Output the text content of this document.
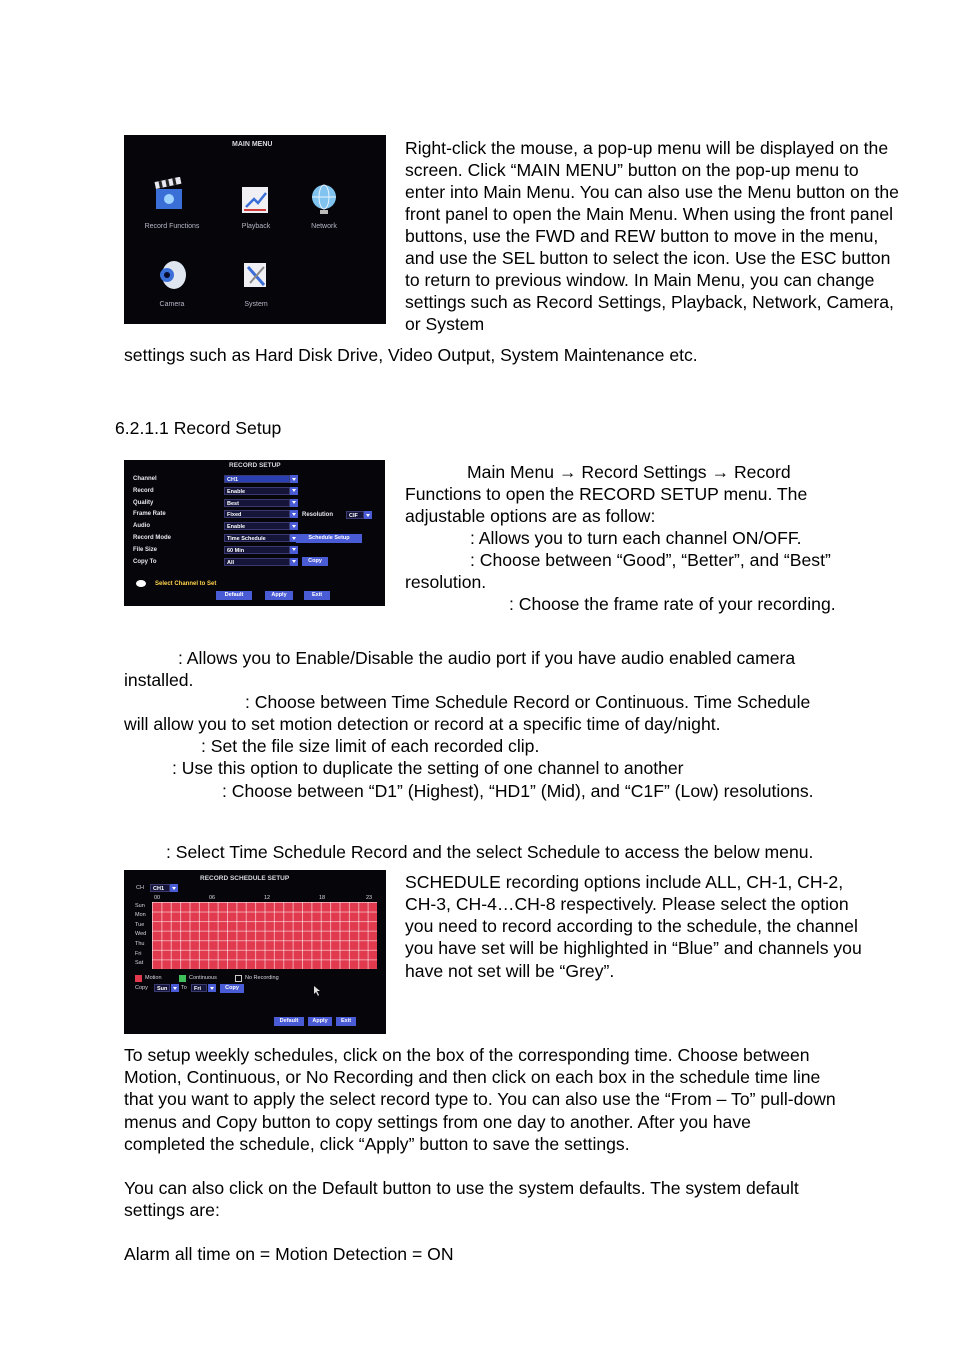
MAIN MENU
Record Functions	Playback	Network
Camera	System
Right-click the mouse, a pop-up menu will be displayed on the screen. Click “MAIN MENU” button on the pop-up menu to enter into Main Menu. You can also use the Menu button on the front panel to open the Main Menu. When using the front panel buttons, use the FWD and REW button to move in the menu, and use the SEL button to select the icon. Use the ESC button to return to previous window. In Main Menu, you can change settings such as Record Settings, Playback, Network, Camera, or System
settings such as Hard Disk Drive, Video Output, System Maintenance etc.
6.2.1.1 Record Setup
RECORD SETUP
Channel	CH1
Record	Enable
Quality	Best
Frame Rate	Fixed
Audio	Enable
Record Mode	Time Schedule
File Size	60 Min
Copy To	All
Resolution	CIF
Schedule Setup
Copy
Select Channel to Set
Default	Apply	Exit
Main Menu → Record Settings → Record
Functions to open the RECORD SETUP menu. The
adjustable options are as follow:
: Allows you to turn each channel ON/OFF.
: Choose between “Good”, “Better”, and “Best”
resolution.
: Choose the frame rate of your recording.
: Allows you to Enable/Disable the audio port if you have audio enabled camera
installed.
: Choose between Time Schedule Record or Continuous. Time Schedule
will allow you to set motion detection or record at a specific time of day/night.
: Set the file size limit of each recorded clip.
: Use this option to duplicate the setting of one channel to another
: Choose between “D1” (Highest), “HD1” (Mid), and “C1F” (Low) resolutions.
: Select Time Schedule Record and the select Schedule to access the below menu.
RECORD SCHEDULE SETUP
CH	CH1
00	06	12	18	23
Sun
Mon
Tue
Wed
Thu
Fri
Sat
Motion	Continuous	No Recording
Copy	Sun	To	Fri	Copy
Default	Apply	Exit
SCHEDULE recording options include ALL, CH-1, CH-2,
CH-3, CH-4…CH-8 respectively. Please select the option
you need to record according to the schedule, the channel
you have set will be highlighted in “Blue” and channels you
have not set will be “Grey”.
To setup weekly schedules, click on the box of the corresponding time. Choose between
Motion, Continuous, or No Recording and then click on each box in the schedule time line
that you want to apply the select record type to. You can also use the “From – To” pull-down
menus and Copy button to copy settings from one day to another. After you have
completed the schedule, click “Apply” button to save the settings.
You can also click on the Default button to use the system defaults. The system default
settings are:
Alarm all time on = Motion Detection = ON
